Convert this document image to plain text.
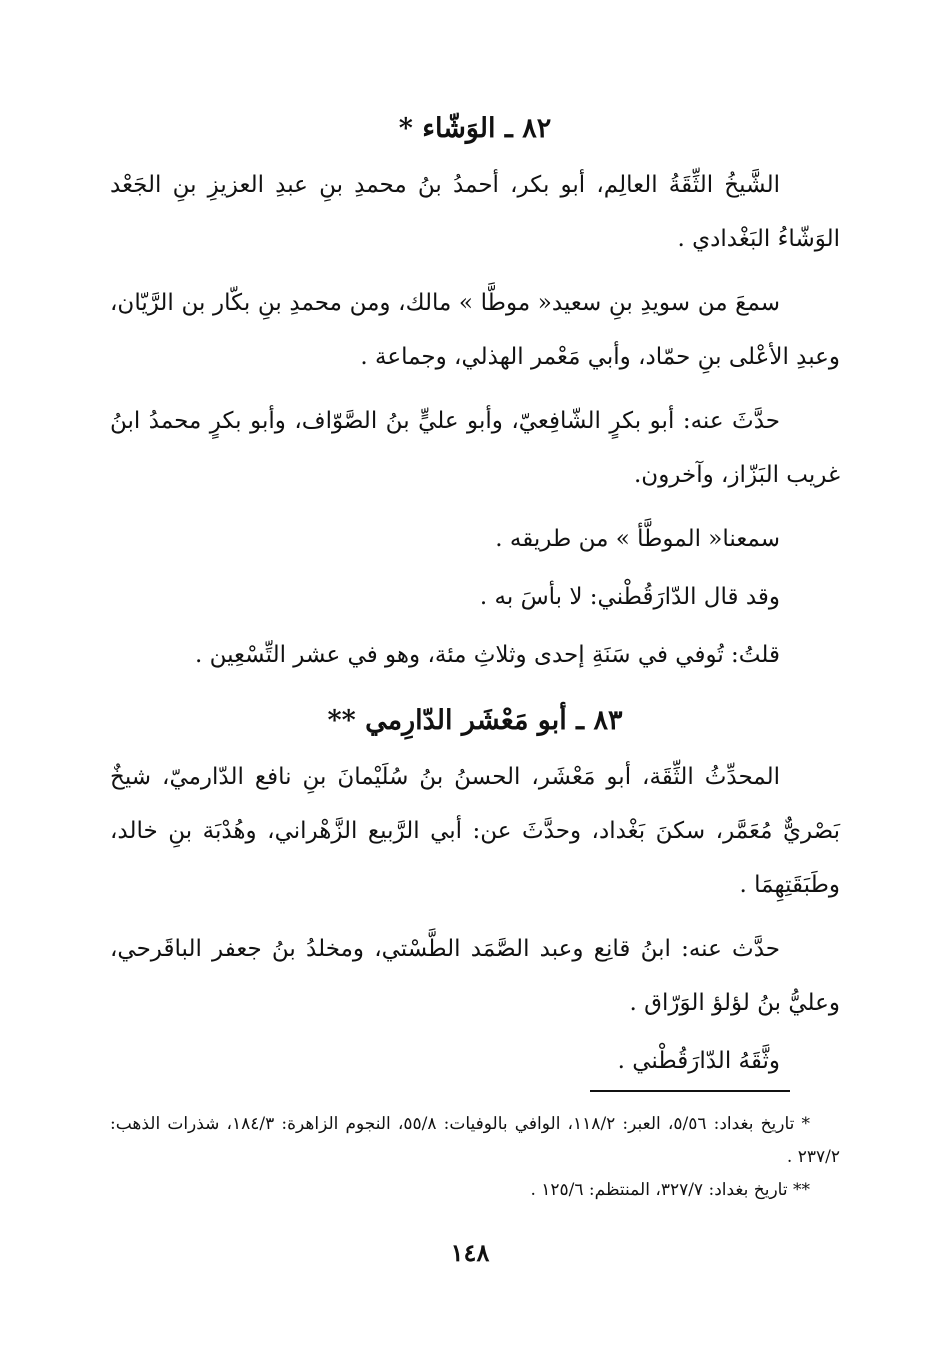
٨٢ ـ الوَشّاء *

الشَّيخُ الثِّقَةُ العالِم، أبو بكر، أحمدُ بنُ محمدِ بنِ عبدِ العزيزِ بنِ الجَعْد الوَشّاءُ البَغْدادي .

سمعَ من سويدِ بنِ سعيد« موطَّا » مالك، ومن محمدِ بنِ بكّار بن الرَّيّان، وعبدِ الأعْلى بنِ حمّاد، وأبي مَعْمر الهذلي، وجماعة .

حدَّثَ عنه: أبو بكرٍ الشّافِعيّ، وأبو عليٍّ بنُ الصَّوّاف، وأبو بكرٍ محمدُ ابنُ غريب البَزّاز، وآخرون.

سمعنا« الموطَّأ » من طريقه .

وقد قال الدّارَقُطْني: لا بأسَ به .

قلتُ: تُوفي في سَنَةِ إحدى وثلاثِ مئة، وهو في عشر التِّسْعِين .

٨٣ ـ أبو مَعْشَر الدّارِمي **

المحدِّثُ الثِّقَة، أبو مَعْشَر، الحسنُ بنُ سُلَيْمانَ بنِ نافع الدّارميّ، شيخٌ بَصْريٌّ مُعَمَّر، سكنَ بَغْداد، وحدَّثَ عن: أبي الرَّبيع الزَّهْراني، وهُدْبَة بنِ خالد، وطَبَقَتِهِمَا .

حدَّث عنه: ابنُ قانِع وعبد الصَّمَد الطَّسْتي، ومخلدُ بنُ جعفر الباقَرحي، وعليُّ بنُ لؤلؤ الوَرّاق .

وثَّقَهُ الدّارَقُطْني .

* تاريخ بغداد: ٥/٥٦، العبر: ١١٨/٢، الوافي بالوفيات: ٥٥/٨، النجوم الزاهرة: ١٨٤/٣، شذرات الذهب: ٢٣٧/٢ .

** تاريخ بغداد: ٣٢٧/٧، المنتظم: ١٢٥/٦ .

١٤٨
